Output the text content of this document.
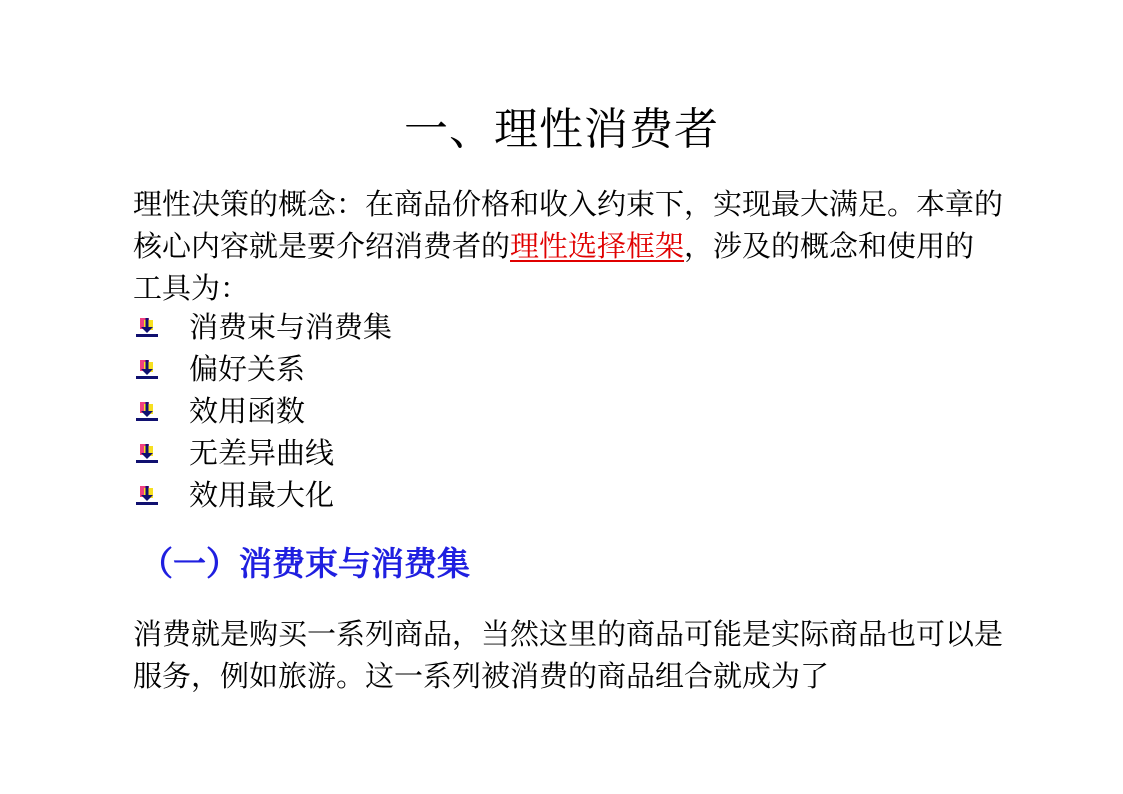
一、理性消费者

理性决策的概念：在商品价格和收入约束下，实现最大满足。本章的核心内容就是要介绍消费者的理性选择框架，涉及的概念和使用的工具为：

消费束与消费集
偏好关系
效用函数
无差异曲线
效用最大化
（一）消费束与消费集

消费就是购买一系列商品，当然这里的商品可能是实际商品也可以是服务，例如旅游。这一系列被消费的商品组合就成为了
